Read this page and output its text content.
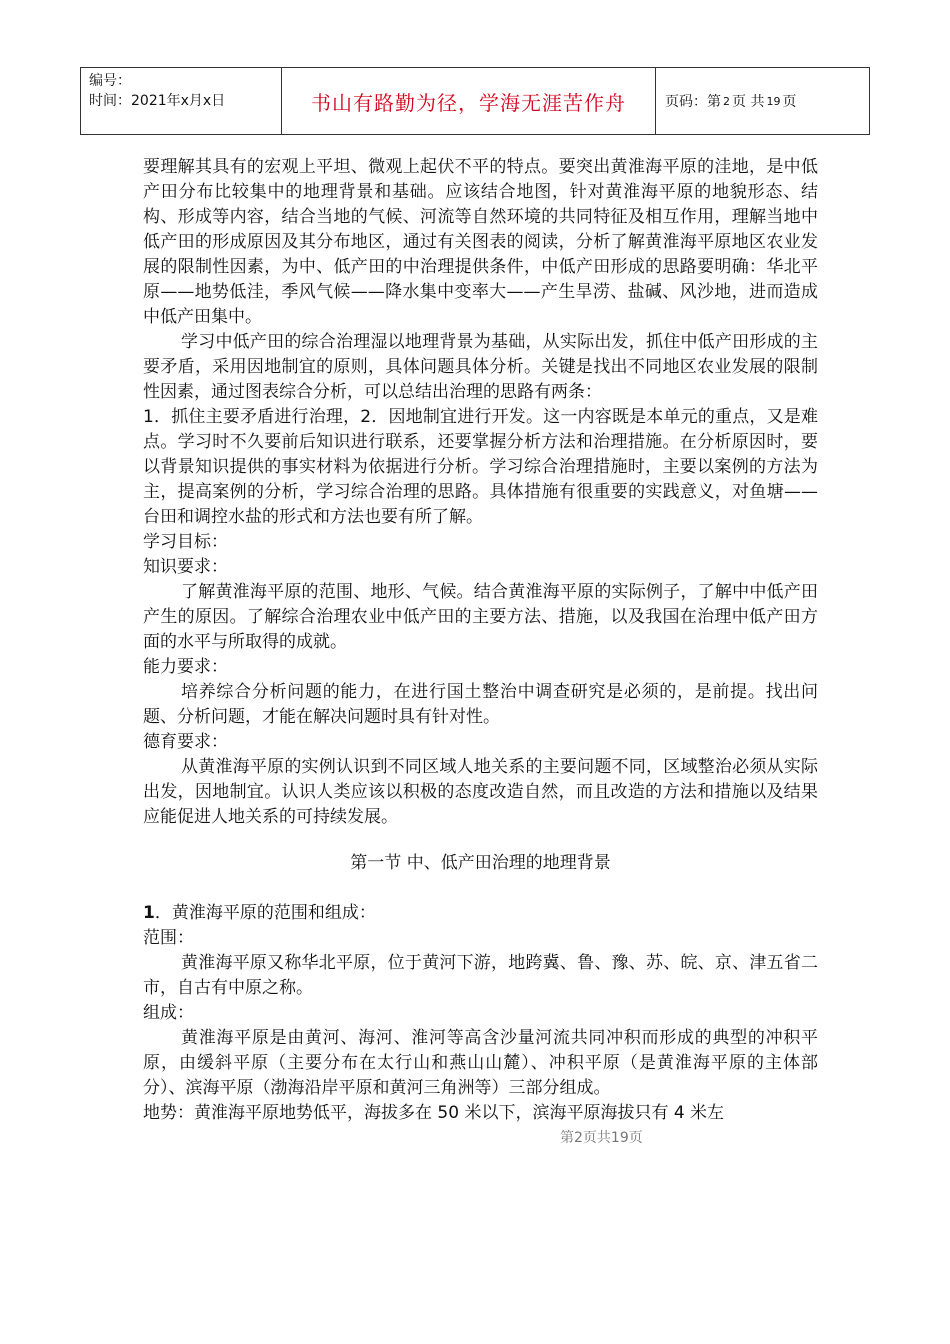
编号：
时间：2021年x月x日	书山有路勤为径，学海无涯苦作舟	页码：第 2 页 共 19 页

要理解其具有的宏观上平坦、微观上起伏不平的特点。要突出黄淮海平原的洼地，是中低产田分布比较集中的地理背景和基础。应该结合地图，针对黄淮海平原的地貌形态、结构、形成等内容，结合当地的气候、河流等自然环境的共同特征及相互作用，理解当地中低产田的形成原因及其分布地区，通过有关图表的阅读，分析了解黄淮海平原地区农业发展的限制性因素，为中、低产田的中治理提供条件，中低产田形成的思路要明确：华北平原——地势低洼，季风气候——降水集中变率大——产生旱涝、盐碱、风沙地，进而造成中低产田集中。

学习中低产田的综合治理湿以地理背景为基础，从实际出发，抓住中低产田形成的主要矛盾，采用因地制宜的原则，具体问题具体分析。关键是找出不同地区农业发展的限制性因素，通过图表综合分析，可以总结出治理的思路有两条：

1．抓住主要矛盾进行治理，2．因地制宜进行开发。这一内容既是本单元的重点，又是难点。学习时不久要前后知识进行联系，还要掌握分析方法和治理措施。在分析原因时，要以背景知识提供的事实材料为依据进行分析。学习综合治理措施时，主要以案例的方法为主，提高案例的分析，学习综合治理的思路。具体措施有很重要的实践意义，对鱼塘——台田和调控水盐的形式和方法也要有所了解。

学习目标：

知识要求：

了解黄淮海平原的范围、地形、气候。结合黄淮海平原的实际例子，了解中中低产田产生的原因。了解综合治理农业中低产田的主要方法、措施，以及我国在治理中低产田方面的水平与所取得的成就。

能力要求：

培养综合分析问题的能力，在进行国土整治中调查研究是必须的，是前提。找出问题、分析问题，才能在解决问题时具有针对性。

德育要求：

从黄淮海平原的实例认识到不同区域人地关系的主要问题不同，区域整治必须从实际出发，因地制宜。认识人类应该以积极的态度改造自然，而且改造的方法和措施以及结果应能促进人地关系的可持续发展。

第一节 中、低产田治理的地理背景

1．黄淮海平原的范围和组成：

范围：

黄淮海平原又称华北平原，位于黄河下游，地跨冀、鲁、豫、苏、皖、京、津五省二市，自古有中原之称。

组成：

黄淮海平原是由黄河、海河、淮河等高含沙量河流共同冲积而形成的典型的冲积平原，由缓斜平原（主要分布在太行山和燕山山麓）、冲积平原（是黄淮海平原的主体部分）、滨海平原（渤海沿岸平原和黄河三角洲等）三部分组成。

地势：黄淮海平原地势低平，海拔多在 50 米以下，滨海平原海拔只有 4 米左

第2页共19页
